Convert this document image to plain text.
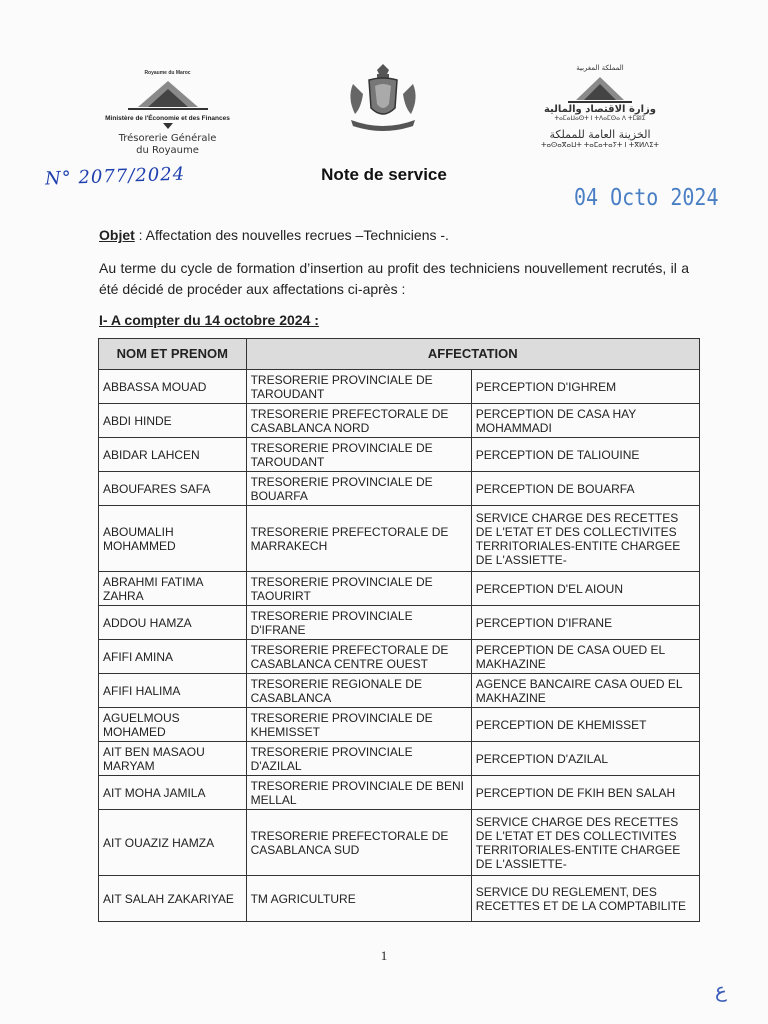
Royaume du Maroc
Ministère de l'Économie et des Finances
Trésorerie Générale
du Royaume
المملكة المغربية
وزارة الاقتصاد والمالية
ⵜⴰⵎⴰⵡⴰⵙⵜ ⵏ ⵜⴷⴰⵎⵙⴰ ⴷ ⵜⵎⵓⵏⵉ
الخزينة العامة للمملكة
ⵜⴰⵙⴰⴳⴰⵡⵜ ⵜⴰⵎⴰⵜⴰⵢⵜ ⵏ ⵜⴳⵍⴷⵉⵜ
N° 2077/2024	Note de service
04 Octo 2024
Objet : Affectation des nouvelles recrues –Techniciens -.
Au terme du cycle de formation d’insertion au profit des techniciens nouvellement recrutés, il a été décidé de procéder aux affectations ci-après :
I- A compter du 14 octobre 2024 :
NOM ET PRENOM	AFFECTATION	
ABBASSA MOUAD	TRESORERIE PROVINCIALE DE TAROUDANT	PERCEPTION D'IGHREM
ABDI HINDE	TRESORERIE PREFECTORALE DE CASABLANCA NORD	PERCEPTION DE CASA HAY MOHAMMADI
ABIDAR LAHCEN	TRESORERIE PROVINCIALE DE TAROUDANT	PERCEPTION DE TALIOUINE
ABOUFARES SAFA	TRESORERIE PROVINCIALE DE BOUARFA	PERCEPTION DE BOUARFA
ABOUMALIH MOHAMMED	TRESORERIE PREFECTORALE DE MARRAKECH	SERVICE CHARGE DES RECETTES DE L'ETAT ET DES COLLECTIVITES TERRITORIALES-ENTITE CHARGEE DE L'ASSIETTE-
ABRAHMI FATIMA ZAHRA	TRESORERIE PROVINCIALE DE TAOURIRT	PERCEPTION D'EL AIOUN
ADDOU HAMZA	TRESORERIE PROVINCIALE D'IFRANE	PERCEPTION D'IFRANE
AFIFI AMINA	TRESORERIE PREFECTORALE DE CASABLANCA CENTRE OUEST	PERCEPTION DE CASA OUED EL MAKHAZINE
AFIFI HALIMA	TRESORERIE REGIONALE DE CASABLANCA	AGENCE BANCAIRE CASA OUED EL MAKHAZINE
AGUELMOUS MOHAMED	TRESORERIE PROVINCIALE DE KHEMISSET	PERCEPTION DE KHEMISSET
AIT BEN MASAOU MARYAM	TRESORERIE PROVINCIALE D'AZILAL	PERCEPTION D'AZILAL
AIT MOHA JAMILA	TRESORERIE PROVINCIALE DE BENI MELLAL	PERCEPTION DE FKIH BEN SALAH
AIT OUAZIZ HAMZA	TRESORERIE PREFECTORALE DE CASABLANCA SUD	SERVICE CHARGE DES RECETTES DE L'ETAT ET DES COLLECTIVITES TERRITORIALES-ENTITE CHARGEE DE L'ASSIETTE-
AIT SALAH ZAKARIYAE	TM AGRICULTURE	SERVICE DU REGLEMENT, DES RECETTES ET DE LA COMPTABILITE
1
ع
